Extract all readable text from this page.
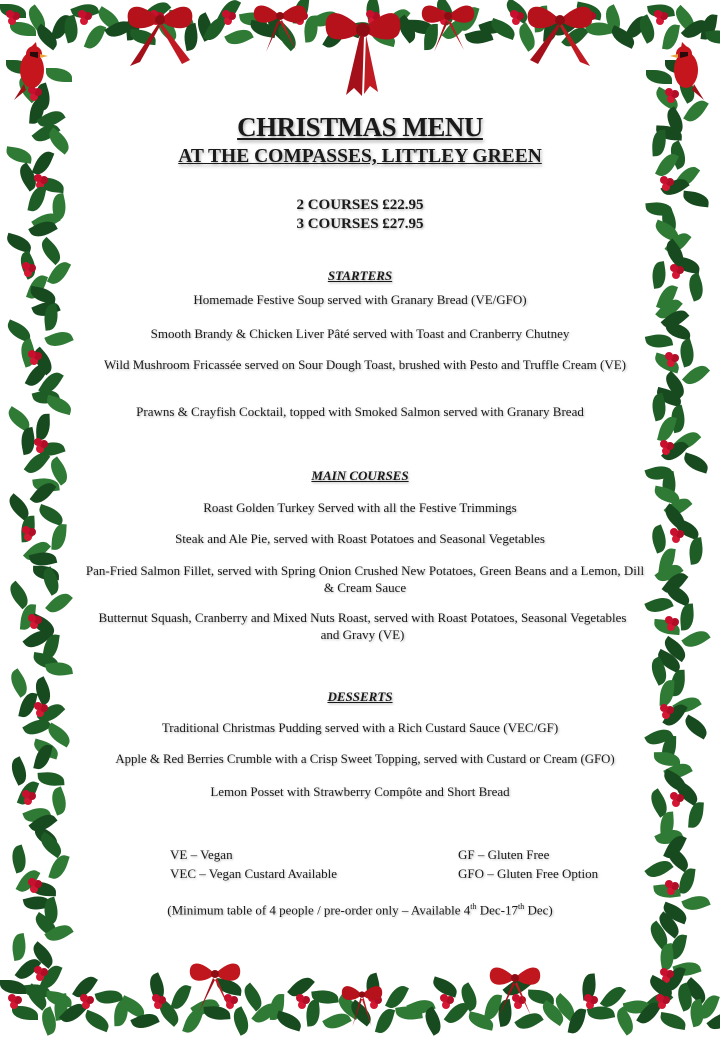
CHRISTMAS MENU
AT THE COMPASSES, LITTLEY GREEN
2 COURSES £22.95
3 COURSES £27.95
STARTERS
Homemade Festive Soup served with Granary Bread (VE/GFO)
Smooth Brandy & Chicken Liver Pâté served with Toast and Cranberry Chutney
Wild Mushroom Fricassée served on Sour Dough Toast, brushed with Pesto and Truffle Cream (VE)
Prawns & Crayfish Cocktail, topped with Smoked Salmon served with Granary Bread
MAIN COURSES
Roast Golden Turkey Served with all the Festive Trimmings
Steak and Ale Pie, served with Roast Potatoes and Seasonal Vegetables
Pan-Fried Salmon Fillet, served with Spring Onion Crushed New Potatoes, Green Beans and a Lemon, Dill & Cream Sauce
Butternut Squash, Cranberry and Mixed Nuts Roast, served with Roast Potatoes, Seasonal Vegetables and Gravy (VE)
DESSERTS
Traditional Christmas Pudding served with a Rich Custard Sauce (VEC/GF)
Apple & Red Berries Crumble with a Crisp Sweet Topping, served with Custard or Cream (GFO)
Lemon Posset with Strawberry Compôte and Short Bread
VE – Vegan
VEC – Vegan Custard Available
GF – Gluten Free
GFO – Gluten Free Option
(Minimum table of 4 people / pre-order only – Available 4th Dec-17th Dec)
